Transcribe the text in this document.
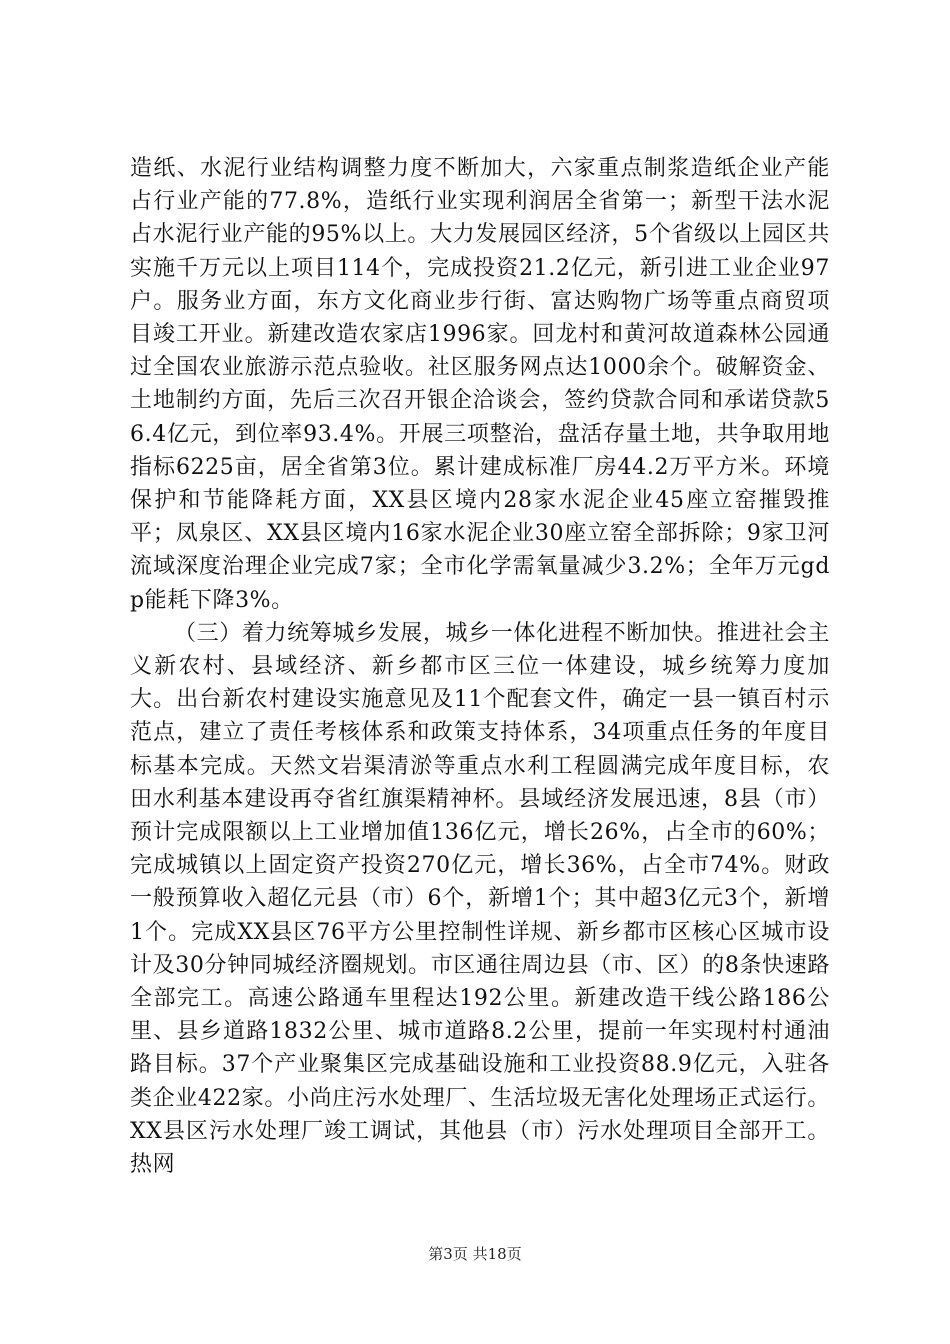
造纸、水泥行业结构调整力度不断加大，六家重点制浆造纸企业产能占行业产能的77.8%，造纸行业实现利润居全省第一；新型干法水泥占水泥行业产能的95%以上。大力发展园区经济，5个省级以上园区共实施千万元以上项目114个，完成投资21.2亿元，新引进工业企业97户。服务业方面，东方文化商业步行街、富达购物广场等重点商贸项目竣工开业。新建改造农家店1996家。回龙村和黄河故道森林公园通过全国农业旅游示范点验收。社区服务网点达1000余个。破解资金、土地制约方面，先后三次召开银企洽谈会，签约贷款合同和承诺贷款56.4亿元，到位率93.4%。开展三项整治，盘活存量土地，共争取用地指标6225亩，居全省第3位。累计建成标准厂房44.2万平方米。环境保护和节能降耗方面，XX县区境内28家水泥企业45座立窑摧毁推平；凤泉区、XX县区境内16家水泥企业30座立窑全部拆除；9家卫河流域深度治理企业完成7家；全市化学需氧量减少3.2%；全年万元gdp能耗下降3%。

（三）着力统筹城乡发展，城乡一体化进程不断加快。推进社会主义新农村、县域经济、新乡都市区三位一体建设，城乡统筹力度加大。出台新农村建设实施意见及11个配套文件，确定一县一镇百村示范点，建立了责任考核体系和政策支持体系，34项重点任务的年度目标基本完成。天然文岩渠清淤等重点水利工程圆满完成年度目标，农田水利基本建设再夺省红旗渠精神杯。县域经济发展迅速，8县（市）预计完成限额以上工业增加值136亿元，增长26%，占全市的60%；完成城镇以上固定资产投资270亿元，增长36%，占全市74%。财政一般预算收入超亿元县（市）6个，新增1个；其中超3亿元3个，新增1个。完成XX县区76平方公里控制性详规、新乡都市区核心区城市设计及30分钟同城经济圈规划。市区通往周边县（市、区）的8条快速路全部完工。高速公路通车里程达192公里。新建改造干线公路186公里、县乡道路1832公里、城市道路8.2公里，提前一年实现村村通油路目标。37个产业聚集区完成基础设施和工业投资88.9亿元，入驻各类企业422家。小尚庄污水处理厂、生活垃圾无害化处理场正式运行。XX县区污水处理厂竣工调试，其他县（市）污水处理项目全部开工。热网

第3页 共18页
